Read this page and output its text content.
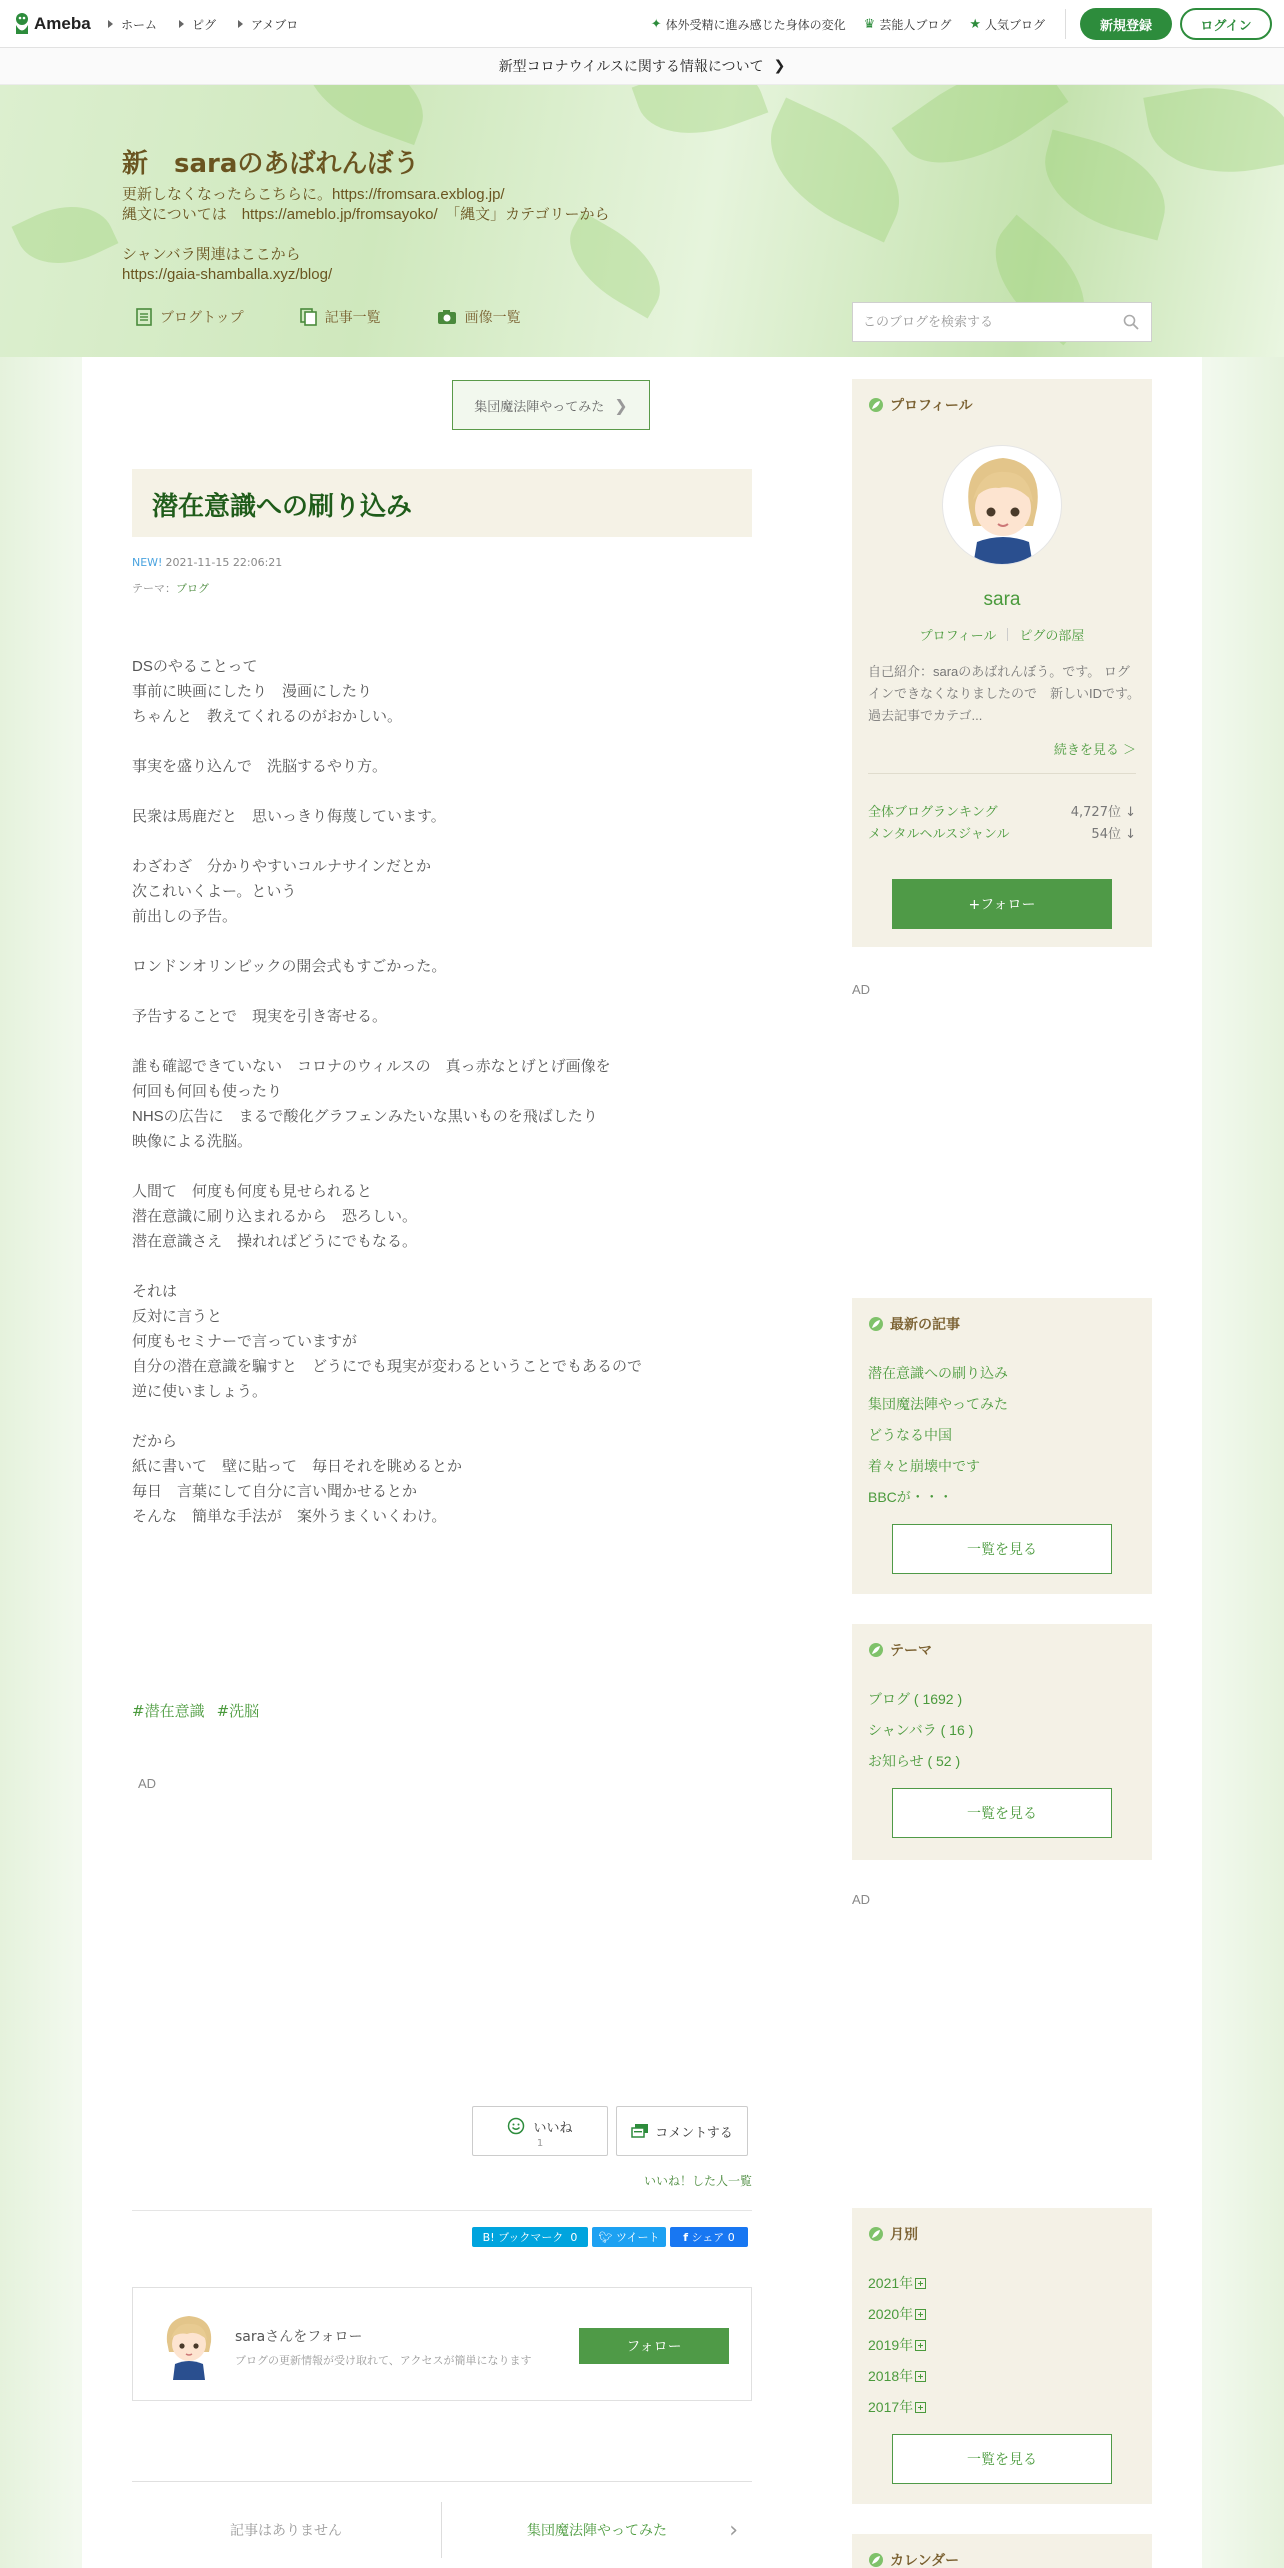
Ameba	ホーム	ピグ	アメブロ	✦ 体外受精に進み感じた身体の変化 ♛ 芸能人ブログ ★ 人気ブログ	新規登録	ログイン
新型コロナウイルスに関する情報について ❯
新　saraのあばれんぼう
更新しなくなったらこちらに。https://fromsara.exblog.jp/
縄文については　https://ameblo.jp/fromsayoko/　「縄文」カテゴリーから

シャンバラ関連はここから
https://gaia-shamballa.xyz/blog/
ブログトップ	記事一覧	画像一覧
このブログを検索する
集団魔法陣やってみた ❯
潜在意識への刷り込み
NEW! 2021-11-15 22:06:21
テーマ：ブログ

DSのやることって

事前に映画にしたり　漫画にしたり

ちゃんと　教えてくれるのがおかしい。

事実を盛り込んで　洗脳するやり方。

民衆は馬鹿だと　思いっきり侮蔑しています。

わざわざ　分かりやすいコルナサインだとか

次これいくよー。という

前出しの予告。

ロンドンオリンピックの開会式もすごかった。

予告することで　現実を引き寄せる。

誰も確認できていない　コロナのウィルスの　真っ赤なとげとげ画像を

何回も何回も使ったり

NHSの広告に　まるで酸化グラフェンみたいな黒いものを飛ばしたり

映像による洗脳。

人間て　何度も何度も見せられると

潜在意識に刷り込まれるから　恐ろしい。

潜在意識さえ　操れればどうにでもなる。

それは

反対に言うと

何度もセミナーで言っていますが

自分の潜在意識を騙すと　どうにでも現実が変わるということでもあるので

逆に使いましょう。

だから

紙に書いて　壁に貼って　毎日それを眺めるとか

毎日　言葉にして自分に言い聞かせるとか

そんな　簡単な手法が　案外うまくいくわけ。

#潜在意識 #洗脳
AD
いいね
1
コメントする
いいね！した人一覧
B! ブックマーク
0 🐦︎
ツイート f
シェア
0
saraさんをフォロー
ブログの更新情報が受け取れて、アクセスが簡単になります
フォロー
記事はありません	集団魔法陣やってみた	›
プロフィール
sara
プロフィール ピグの部屋
自己紹介：saraのあばれんぼう。です。 ログインできなくなりましたので　新しいIDです。 過去記事でカテゴ...
続きを見る ＞
全体ブログランキング	4,727位 ↓
メンタルヘルスジャンル	54位 ↓
+フォロー
AD
最新の記事
潜在意識への刷り込み
集団魔法陣やってみた
どうなる中国
着々と崩壊中です
BBCが・・・
一覧を見る
テーマ
ブログ ( 1692 )
シャンバラ ( 16 )
お知らせ ( 52 )
一覧を見る
AD
月別
2021年
2020年
2019年
2018年
2017年
一覧を見る
カレンダー
